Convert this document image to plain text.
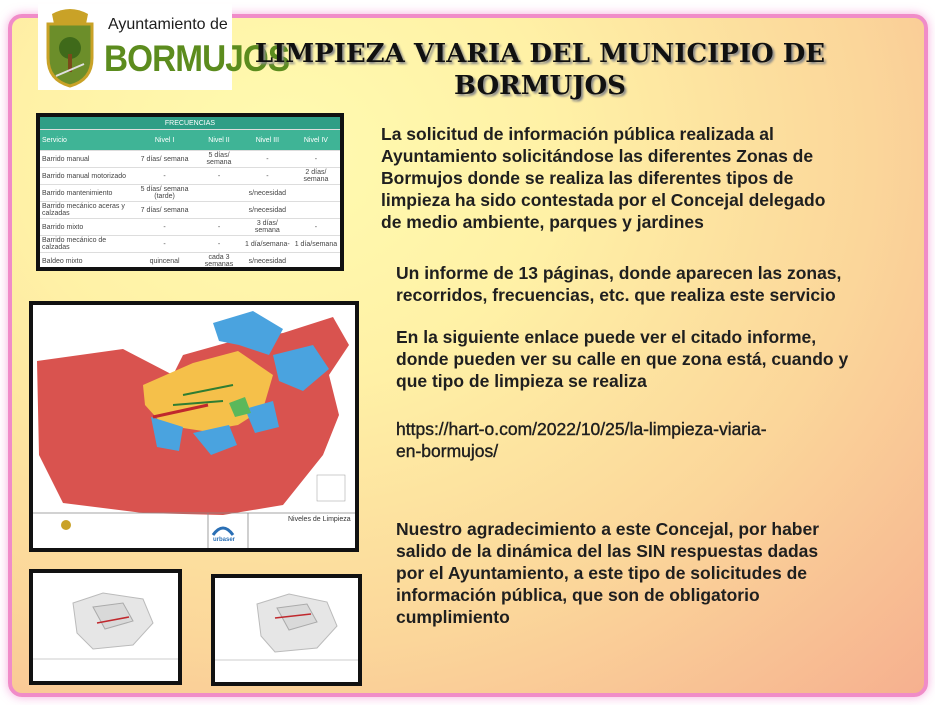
Ayuntamiento de
BORMUJOS
LIMPIEZA VIARIA DEL MUNICIPIO DE
BORMUJOS
FRECUENCIAS				
Servicio	Nivel I	Nivel II	Nivel III	Nivel IV
Barrido manual	7 días/ semana	5 días/ semana	-	-
Barrido manual motorizado	-	-	-	2 días/ semana
Barrido mantenimiento	5 días/ semana (tarde)		s/necesidad	
Barrido mecánico aceras y calzadas	7 días/ semana		s/necesidad	
Barrido mixto	-	-	3 días/ semana	-
Barrido mecánico de calzadas	-	-	1 día/semana-	1 día/semana
Baldeo mixto	quincenal	cada 3 semanas	s/necesidad	
Niveles de Limpieza
urbaser
La solicitud de información pública realizada al
Ayuntamiento solicitándose las diferentes Zonas de
Bormujos donde se realiza las diferentes tipos de
limpieza ha sido contestada por el Concejal delegado
de medio ambiente, parques y jardines
Un informe de 13 páginas, donde aparecen las zonas,
recorridos, frecuencias, etc. que realiza este servicio
En la siguiente enlace puede ver el citado informe,
donde pueden ver su calle en que zona está, cuando y
que tipo de limpieza se realiza
https://hart-o.com/2022/10/25/la-limpieza-viaria-
en-bormujos/
Nuestro agradecimiento a este Concejal, por haber
salido de la dinámica del las SIN respuestas dadas
por el Ayuntamiento, a este tipo de solicitudes de
información pública, que son de obligatorio
cumplimiento
